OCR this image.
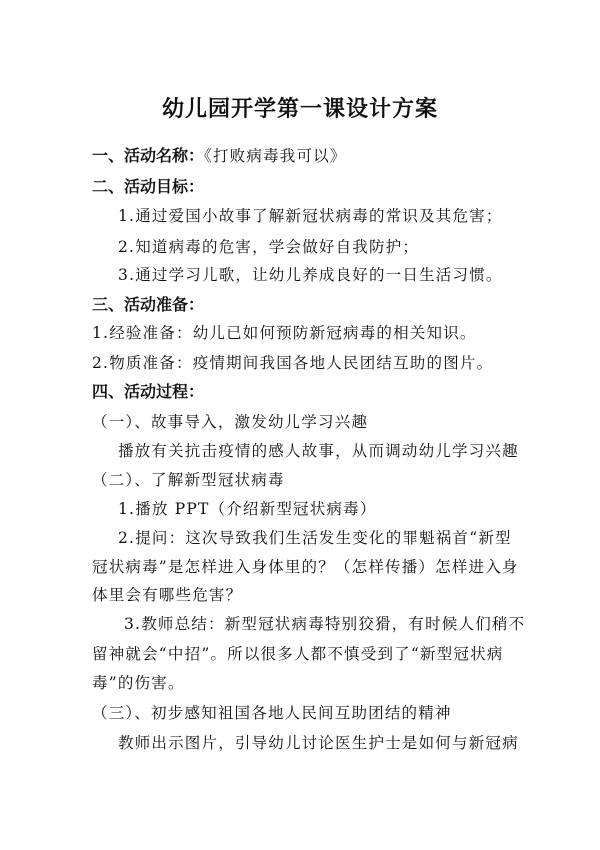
幼儿园开学第一课设计方案
一、活动名称：《打败病毒我可以》
二、活动目标：
1.通过爱国小故事了解新冠状病毒的常识及其危害；
2.知道病毒的危害，学会做好自我防护；
3.通过学习儿歌，让幼儿养成良好的一日生活习惯。
三、活动准备：
1.经验准备：幼儿已如何预防新冠病毒的相关知识。
2.物质准备：疫情期间我国各地人民团结互助的图片。
四、活动过程：
（一）、故事导入，激发幼儿学习兴趣
播放有关抗击疫情的感人故事，从而调动幼儿学习兴趣
（二）、了解新型冠状病毒
1.播放 PPT（介绍新型冠状病毒）
2.提问：这次导致我们生活发生变化的罪魁祸首“新型
冠状病毒”是怎样进入身体里的？（怎样传播）怎样进入身
体里会有哪些危害？
3.教师总结：新型冠状病毒特别狡猾，有时候人们稍不
留神就会“中招”。所以很多人都不慎受到了“新型冠状病
毒”的伤害。
（三）、初步感知祖国各地人民间互助团结的精神
教师出示图片，引导幼儿讨论医生护士是如何与新冠病
